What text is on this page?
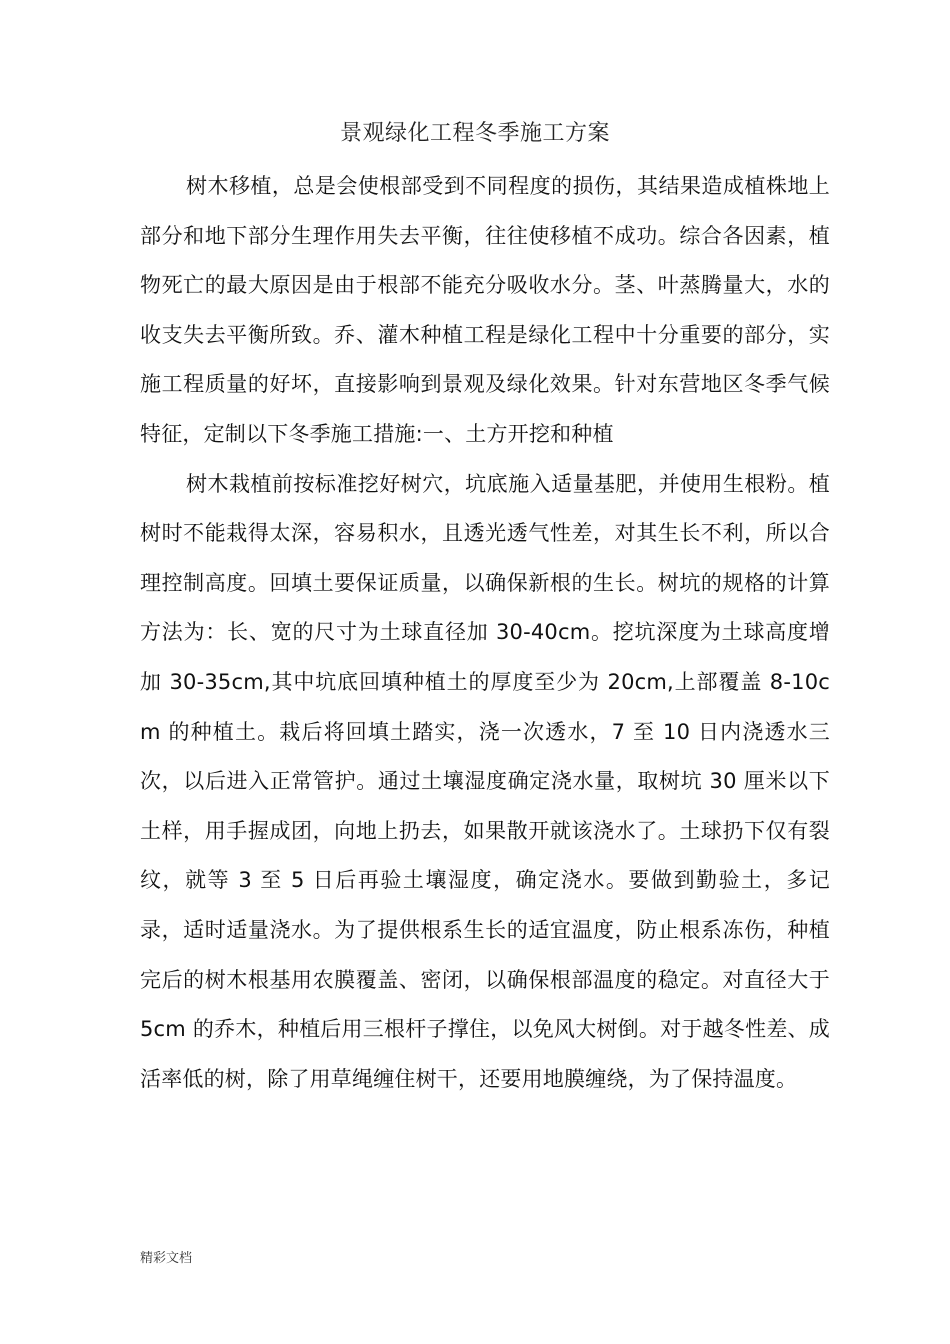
景观绿化工程冬季施工方案

树木移植，总是会使根部受到不同程度的损伤，其结果造成植株地上部分和地下部分生理作用失去平衡，往往使移植不成功。综合各因素，植物死亡的最大原因是由于根部不能充分吸收水分。茎、叶蒸腾量大，水的收支失去平衡所致。乔、灌木种植工程是绿化工程中十分重要的部分，实施工程质量的好坏，直接影响到景观及绿化效果。针对东营地区冬季气候特征，定制以下冬季施工措施:一、土方开挖和种植

树木栽植前按标准挖好树穴，坑底施入适量基肥，并使用生根粉。植树时不能栽得太深，容易积水，且透光透气性差，对其生长不利，所以合理控制高度。回填土要保证质量，以确保新根的生长。树坑的规格的计算方法为：长、宽的尺寸为土球直径加 30-40cm。挖坑深度为土球高度增加 30-35cm,其中坑底回填种植土的厚度至少为 20cm,上部覆盖 8-10cm 的种植土。栽后将回填土踏实，浇一次透水，7 至 10 日内浇透水三次，以后进入正常管护。通过土壤湿度确定浇水量，取树坑 30 厘米以下土样，用手握成团，向地上扔去，如果散开就该浇水了。土球扔下仅有裂纹，就等 3 至 5 日后再验土壤湿度，确定浇水。要做到勤验土，多记录，适时适量浇水。为了提供根系生长的适宜温度，防止根系冻伤，种植完后的树木根基用农膜覆盖、密闭，以确保根部温度的稳定。对直径大于 5cm 的乔木，种植后用三根杆子撑住，以免风大树倒。对于越冬性差、成活率低的树，除了用草绳缠住树干，还要用地膜缠绕，为了保持温度。

精彩文档
